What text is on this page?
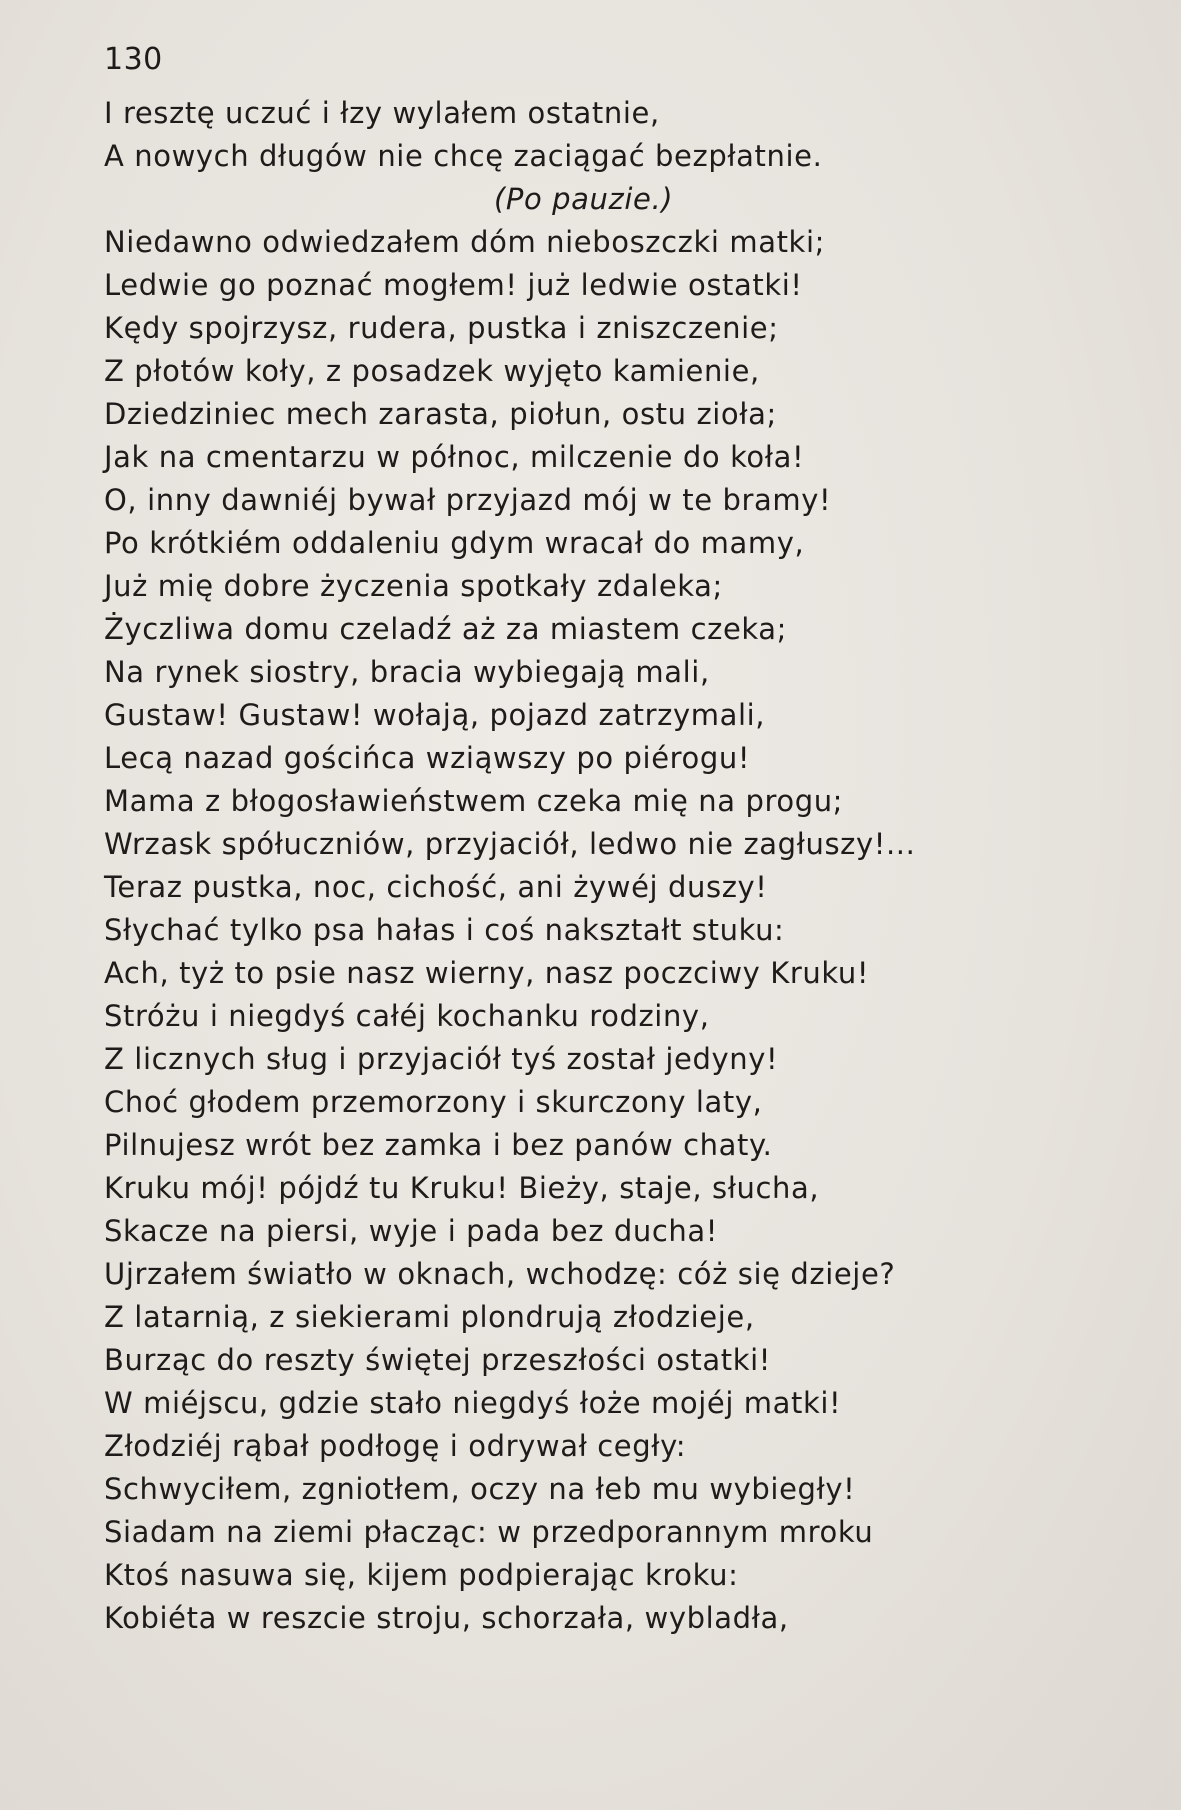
130
I resztę uczuć i łzy wylałem ostatnie,
A nowych długów nie chcę zaciągać bezpłatnie.
(Po pauzie.)
Niedawno odwiedzałem dóm nieboszczki matki;
Ledwie go poznać mogłem! już ledwie ostatki!
Kędy spojrzysz, rudera, pustka i zniszczenie;
Z płotów koły, z posadzek wyjęto kamienie,
Dziedziniec mech zarasta, piołun, ostu zioła;
Jak na cmentarzu w północ, milczenie do koła!
O, inny dawniéj bywał przyjazd mój w te bramy!
Po krótkiém oddaleniu gdym wracał do mamy,
Już mię dobre życzenia spotkały zdaleka;
Życzliwa domu czeladź aż za miastem czeka;
Na rynek siostry, bracia wybiegają mali,
Gustaw! Gustaw! wołają, pojazd zatrzymali,
Lecą nazad gościńca wziąwszy po piérogu!
Mama z błogosławieństwem czeka mię na progu;
Wrzask spółuczniów, przyjaciół, ledwo nie zagłuszy!...
Teraz pustka, noc, cichość, ani żywéj duszy!
Słychać tylko psa hałas i coś nakształt stuku:
Ach, tyż to psie nasz wierny, nasz poczciwy Kruku!
Stróżu i niegdyś całéj kochanku rodziny,
Z licznych sług i przyjaciół tyś został jedyny!
Choć głodem przemorzony i skurczony laty,
Pilnujesz wrót bez zamka i bez panów chaty.
Kruku mój! pójdź tu Kruku! Bieży, staje, słucha,
Skacze na piersi, wyje i pada bez ducha!
Ujrzałem światło w oknach, wchodzę: cóż się dzieje?
Z latarnią, z siekierami plondrują złodzieje,
Burząc do reszty świętej przeszłości ostatki!
W miéjscu, gdzie stało niegdyś łoże mojéj matki!
Złodziéj rąbał podłogę i odrywał cegły:
Schwyciłem, zgniotłem, oczy na łeb mu wybiegły!
Siadam na ziemi płacząc: w przedporannym mroku
Ktoś nasuwa się, kijem podpierając kroku:
Kobiéta w reszcie stroju, schorzała, wybladła,
